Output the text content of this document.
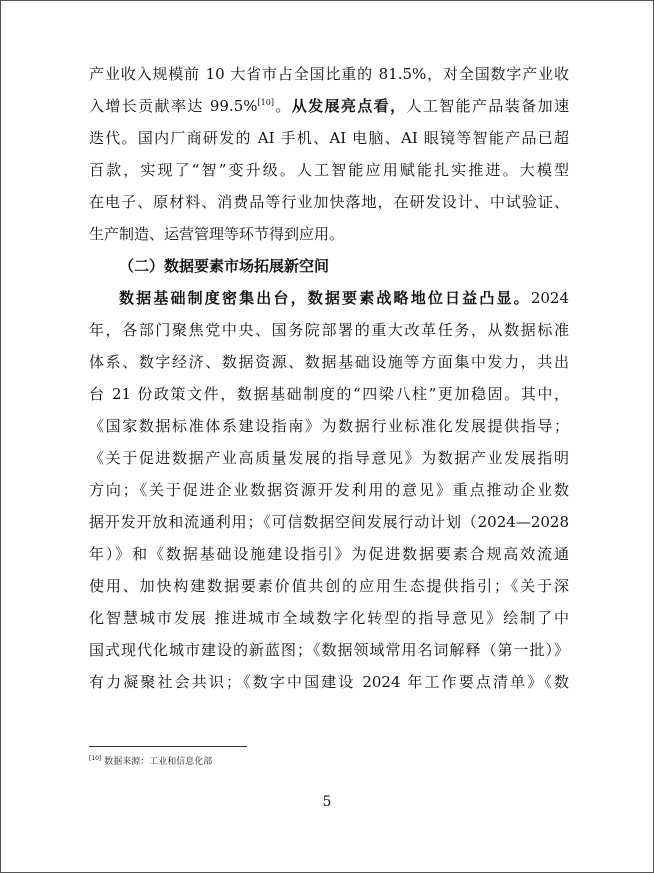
产业收入规模前 10 大省市占全国比重的 81.5%，对全国数字产业收
入增长贡献率达 99.5%[10]。从发展亮点看，人工智能产品装备加速
迭代。国内厂商研发的 AI 手机、AI 电脑、AI 眼镜等智能产品已超
百款，实现了“智”变升级。人工智能应用赋能扎实推进。大模型
在电子、原材料、消费品等行业加快落地，在研发设计、中试验证、
生产制造、运营管理等环节得到应用。
（二）数据要素市场拓展新空间
数据基础制度密集出台，数据要素战略地位日益凸显。2024
年，各部门聚焦党中央、国务院部署的重大改革任务，从数据标准
体系、数字经济、数据资源、数据基础设施等方面集中发力，共出
台 21 份政策文件，数据基础制度的“四梁八柱”更加稳固。其中，
《国家数据标准体系建设指南》为数据行业标准化发展提供指导；
《关于促进数据产业高质量发展的指导意见》为数据产业发展指明
方向；《关于促进企业数据资源开发利用的意见》重点推动企业数
据开发开放和流通利用；《可信数据空间发展行动计划（2024—2028
年）》和《数据基础设施建设指引》为促进数据要素合规高效流通
使用、加快构建数据要素价值共创的应用生态提供指引；《关于深
化智慧城市发展 推进城市全域数字化转型的指导意见》绘制了中
国式现代化城市建设的新蓝图；《数据领域常用名词解释（第一批）》
有力凝聚社会共识；《数字中国建设 2024 年工作要点清单》《数
[10] 数据来源：工业和信息化部
5
